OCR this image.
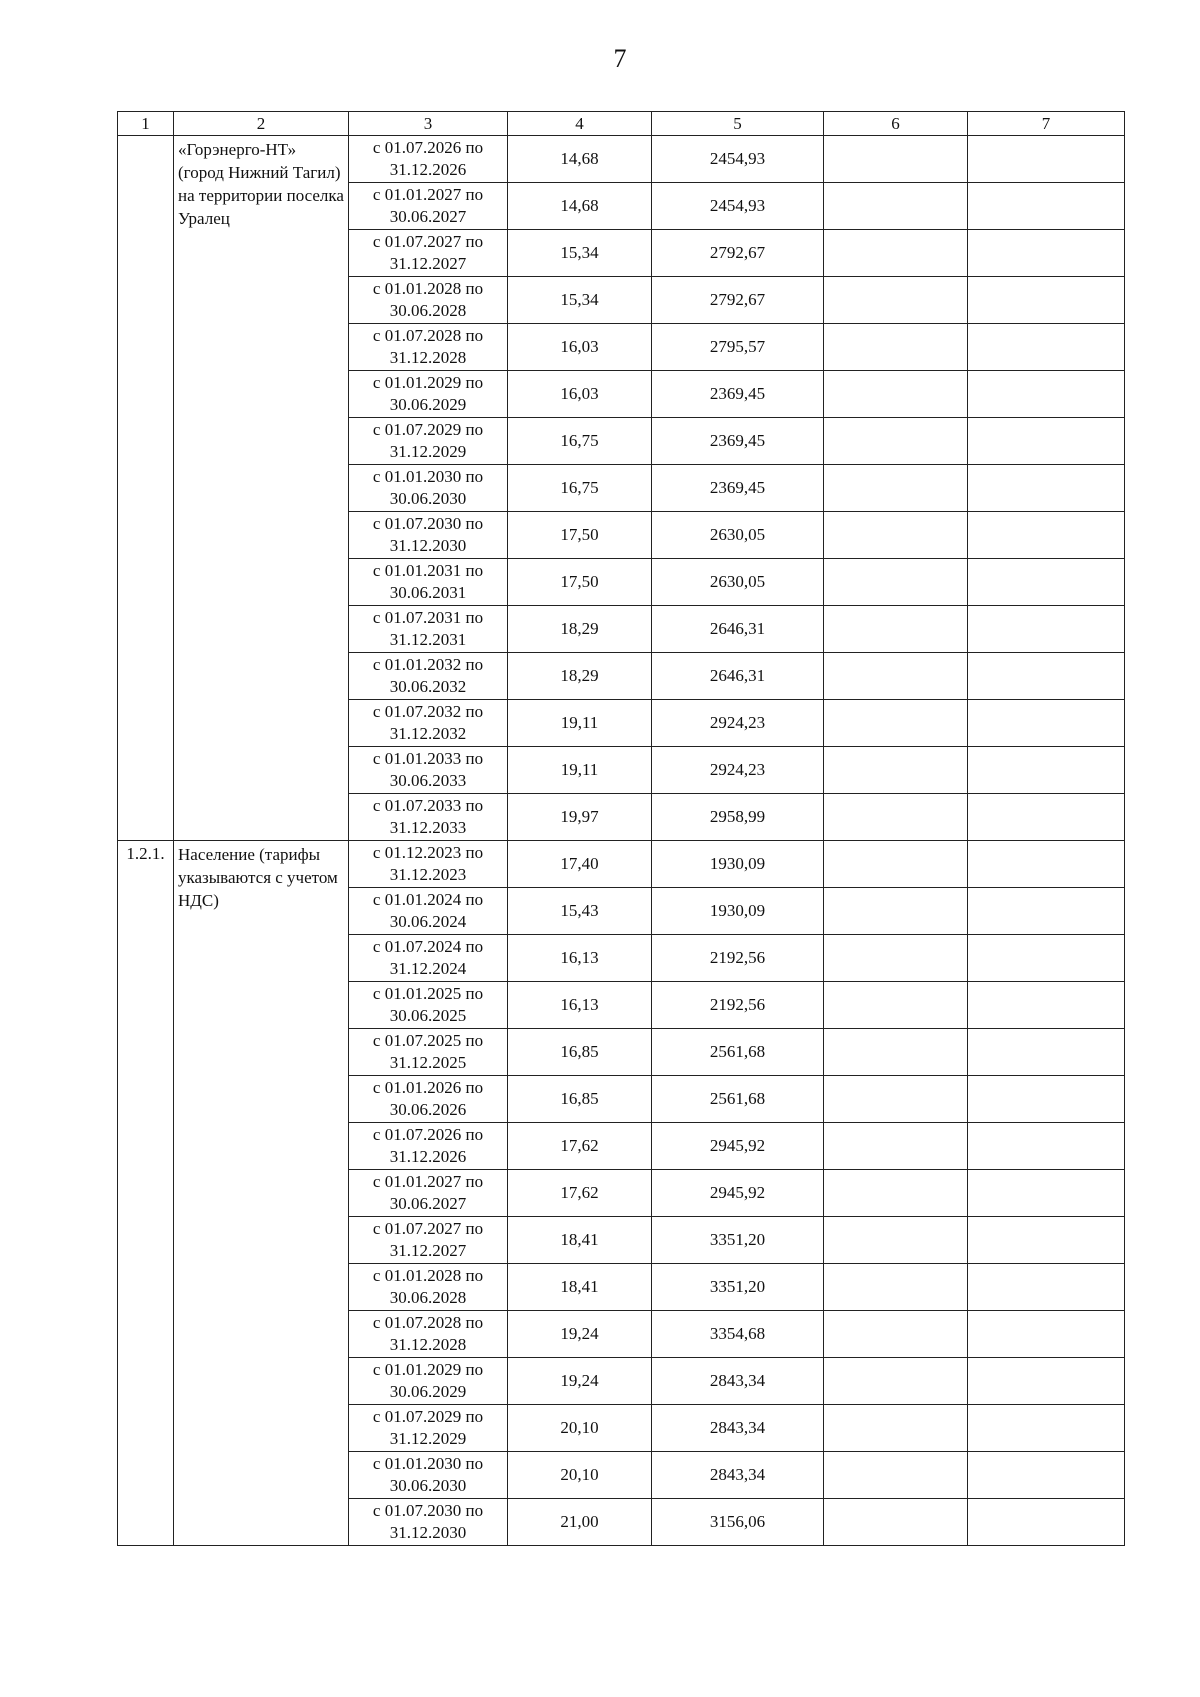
7
1	2	3	4	5	6	7
	«Горэнерго-НТ» (город Нижний Тагил) на территории поселка Уралец	с 01.07.2026 по 31.12.2026	14,68	2454,93		
		с 01.01.2027 по 30.06.2027	14,68	2454,93		
		с 01.07.2027 по 31.12.2027	15,34	2792,67		
		с 01.01.2028 по 30.06.2028	15,34	2792,67		
		с 01.07.2028 по 31.12.2028	16,03	2795,57		
		с 01.01.2029 по 30.06.2029	16,03	2369,45		
		с 01.07.2029 по 31.12.2029	16,75	2369,45		
		с 01.01.2030 по 30.06.2030	16,75	2369,45		
		с 01.07.2030 по 31.12.2030	17,50	2630,05		
		с 01.01.2031 по 30.06.2031	17,50	2630,05		
		с 01.07.2031 по 31.12.2031	18,29	2646,31		
		с 01.01.2032 по 30.06.2032	18,29	2646,31		
		с 01.07.2032 по 31.12.2032	19,11	2924,23		
		с 01.01.2033 по 30.06.2033	19,11	2924,23		
		с 01.07.2033 по 31.12.2033	19,97	2958,99		
1.2.1.	Население (тарифы указываются с учетом НДС)	с 01.12.2023 по 31.12.2023	17,40	1930,09		
		с 01.01.2024 по 30.06.2024	15,43	1930,09		
		с 01.07.2024 по 31.12.2024	16,13	2192,56		
		с 01.01.2025 по 30.06.2025	16,13	2192,56		
		с 01.07.2025 по 31.12.2025	16,85	2561,68		
		с 01.01.2026 по 30.06.2026	16,85	2561,68		
		с 01.07.2026 по 31.12.2026	17,62	2945,92		
		с 01.01.2027 по 30.06.2027	17,62	2945,92		
		с 01.07.2027 по 31.12.2027	18,41	3351,20		
		с 01.01.2028 по 30.06.2028	18,41	3351,20		
		с 01.07.2028 по 31.12.2028	19,24	3354,68		
		с 01.01.2029 по 30.06.2029	19,24	2843,34		
		с 01.07.2029 по 31.12.2029	20,10	2843,34		
		с 01.01.2030 по 30.06.2030	20,10	2843,34		
		с 01.07.2030 по 31.12.2030	21,00	3156,06		
